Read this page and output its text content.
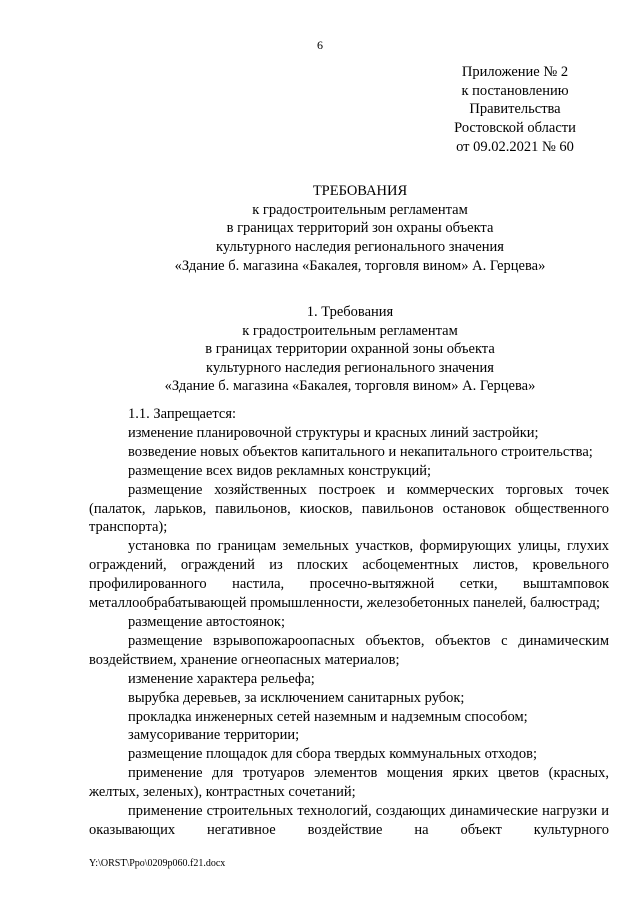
6
Приложение № 2
к постановлению
Правительства
Ростовской области
от 09.02.2021 № 60
ТРЕБОВАНИЯ
к градостроительным регламентам
в границах территорий зон охраны объекта
культурного наследия регионального значения
«Здание б. магазина «Бакалея, торговля вином» А. Герцева»
1. Требования
к градостроительным регламентам
в границах территории охранной зоны объекта
культурного наследия регионального значения
«Здание б. магазина «Бакалея, торговля вином» А. Герцева»

1.1. Запрещается:

изменение планировочной структуры и красных линий застройки;

возведение новых объектов капитального и некапитального строительства;

размещение всех видов рекламных конструкций;

размещение хозяйственных построек и коммерческих торговых точек (палаток, ларьков, павильонов, киосков, павильонов остановок общественного транспорта);

установка по границам земельных участков, формирующих улицы, глухих ограждений, ограждений из плоских асбоцементных листов, кровельного профилированного настила, просечно-вытяжной сетки, выштамповок металлообрабатывающей промышленности, железобетонных панелей, балюстрад;

размещение автостоянок;

размещение взрывопожароопасных объектов, объектов с динамическим воздействием, хранение огнеопасных материалов;

изменение характера рельефа;

вырубка деревьев, за исключением санитарных рубок;

прокладка инженерных сетей наземным и надземным способом;

замусоривание территории;

размещение площадок для сбора твердых коммунальных отходов;

применение для тротуаров элементов мощения ярких цветов (красных, желтых, зеленых), контрастных сочетаний;

применение строительных технологий, создающих динамические нагрузки и оказывающих негативное воздействие на объект культурного

Y:\ORST\Ppo\0209p060.f21.docx
